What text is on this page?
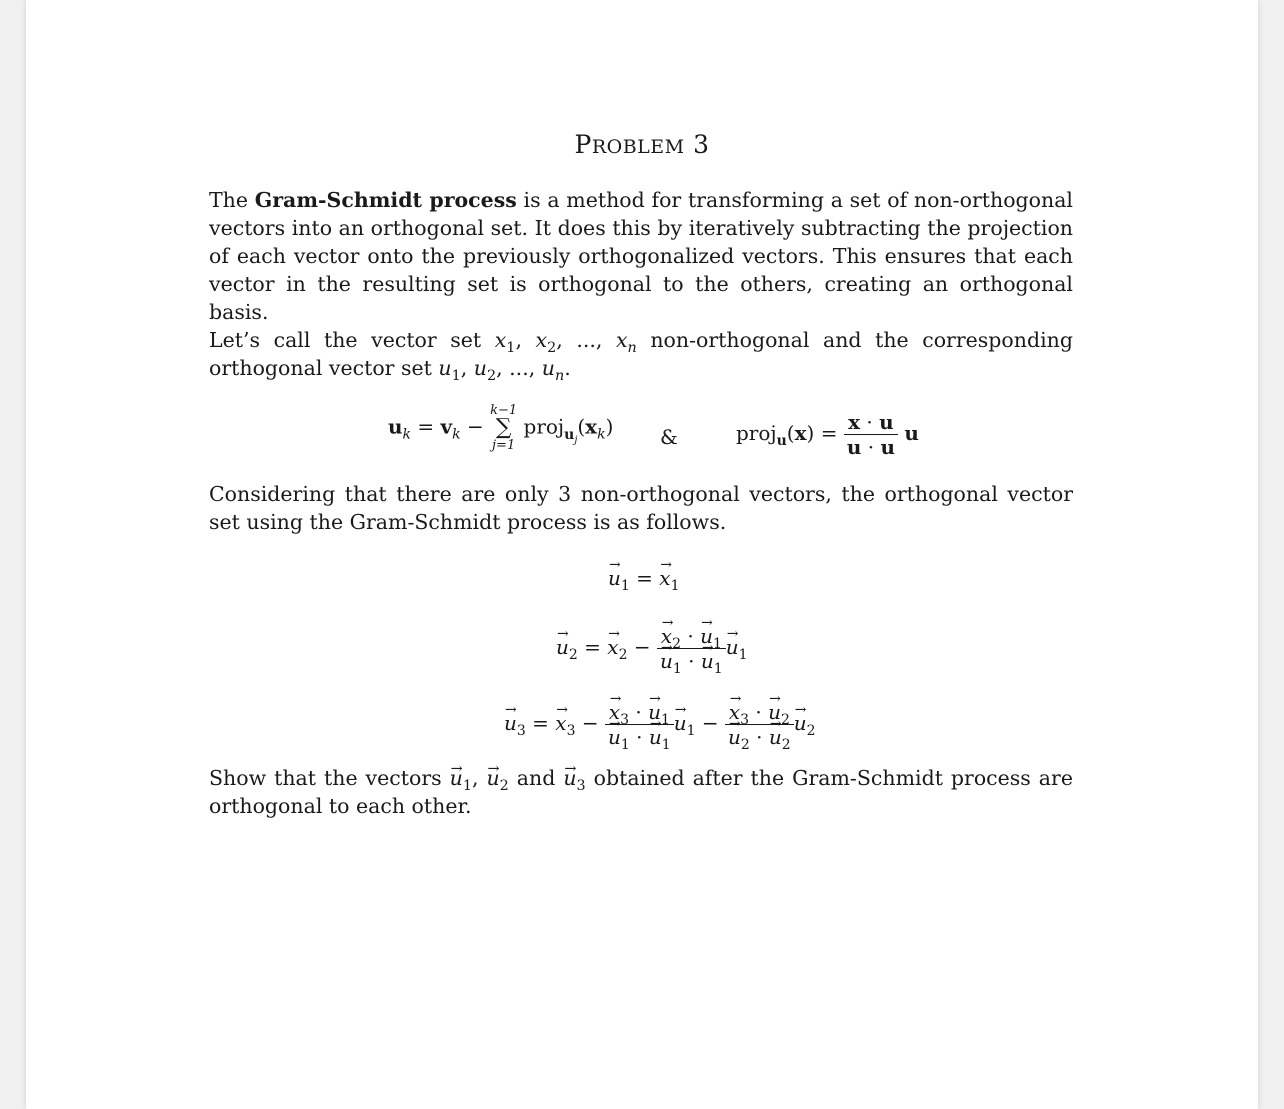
PROBLEM 3
The Gram-Schmidt process is a method for transforming a set of non-orthogonal vectors into an orthogonal set. It does this by iteratively subtracting the projection of each vector onto the previously orthogonalized vectors. This ensures that each vector in the resulting set is orthogonal to the others, creating an orthogonal basis.
Let’s call the vector set $x_1$, $x_2$, ..., $x_n$ non-orthogonal and the corresponding orthogonal vector set $u_1$, $u_2$, ..., $u_n$.
$u_k = v_k$ −
k−1
∑
j=1
$proj_{u_j}(x_k)$ &	proj$_u$(x) = $\frac{x \cdot u}{u \cdot u}$ u
Considering that there are only 3 non-orthogonal vectors, the orthogonal vector set using the Gram-Schmidt process is as follows.
→ $u_1$ = → $x_1$
→ $u_2$ = → $x_2$ −
→ $x_2$ · → $u_1$
→ $u_1$ · → $u_1$
→ $u_1$
→ $u_3$ = → $x_3$ −
→ $x_3$ · → $u_1$
→ $u_1$ · → $u_1$
→ $u_1$ −
→ $x_3$ · → $u_2$
→ $u_2$ · → $u_2$
→ $u_2$
Show that the vectors → $u_1$, → $u_2$ and → $u_3$ obtained after the Gram-Schmidt process are orthogonal to each other.
